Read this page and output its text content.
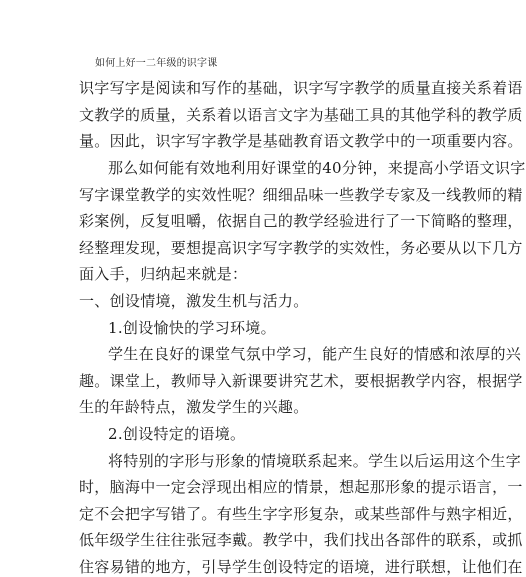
如何上好一二年级的识字课
识字写字是阅读和写作的基础，识字写字教学的质量直接关系着语
文教学的质量，关系着以语言文字为基础工具的其他学科的教学质
量。因此，识字写字教学是基础教育语文教学中的一项重要内容。
那么如何能有效地利用好课堂的40分钟，来提高小学语文识字
写字课堂教学的实效性呢？细细品味一些教学专家及一线教师的精
彩案例，反复咀嚼，依据自己的教学经验进行了一下简略的整理，
经整理发现，要想提高识字写字教学的实效性，务必要从以下几方
面入手，归纳起来就是：
一、创设情境，激发生机与活力。
1.创设愉快的学习环境。
学生在良好的课堂气氛中学习，能产生良好的情感和浓厚的兴
趣。课堂上，教师导入新课要讲究艺术，要根据教学内容，根据学
生的年龄特点，激发学生的兴趣。
2.创设特定的语境。
将特别的字形与形象的情境联系起来。学生以后运用这个生字
时，脑海中一定会浮现出相应的情景，想起那形象的提示语言，一
定不会把字写错了。有些生字字形复杂，或某些部件与熟字相近，
低年级学生往往张冠李戴。教学中，我们找出各部件的联系，或抓
住容易错的地方，引导学生创设特定的语境，进行联想，让他们在
